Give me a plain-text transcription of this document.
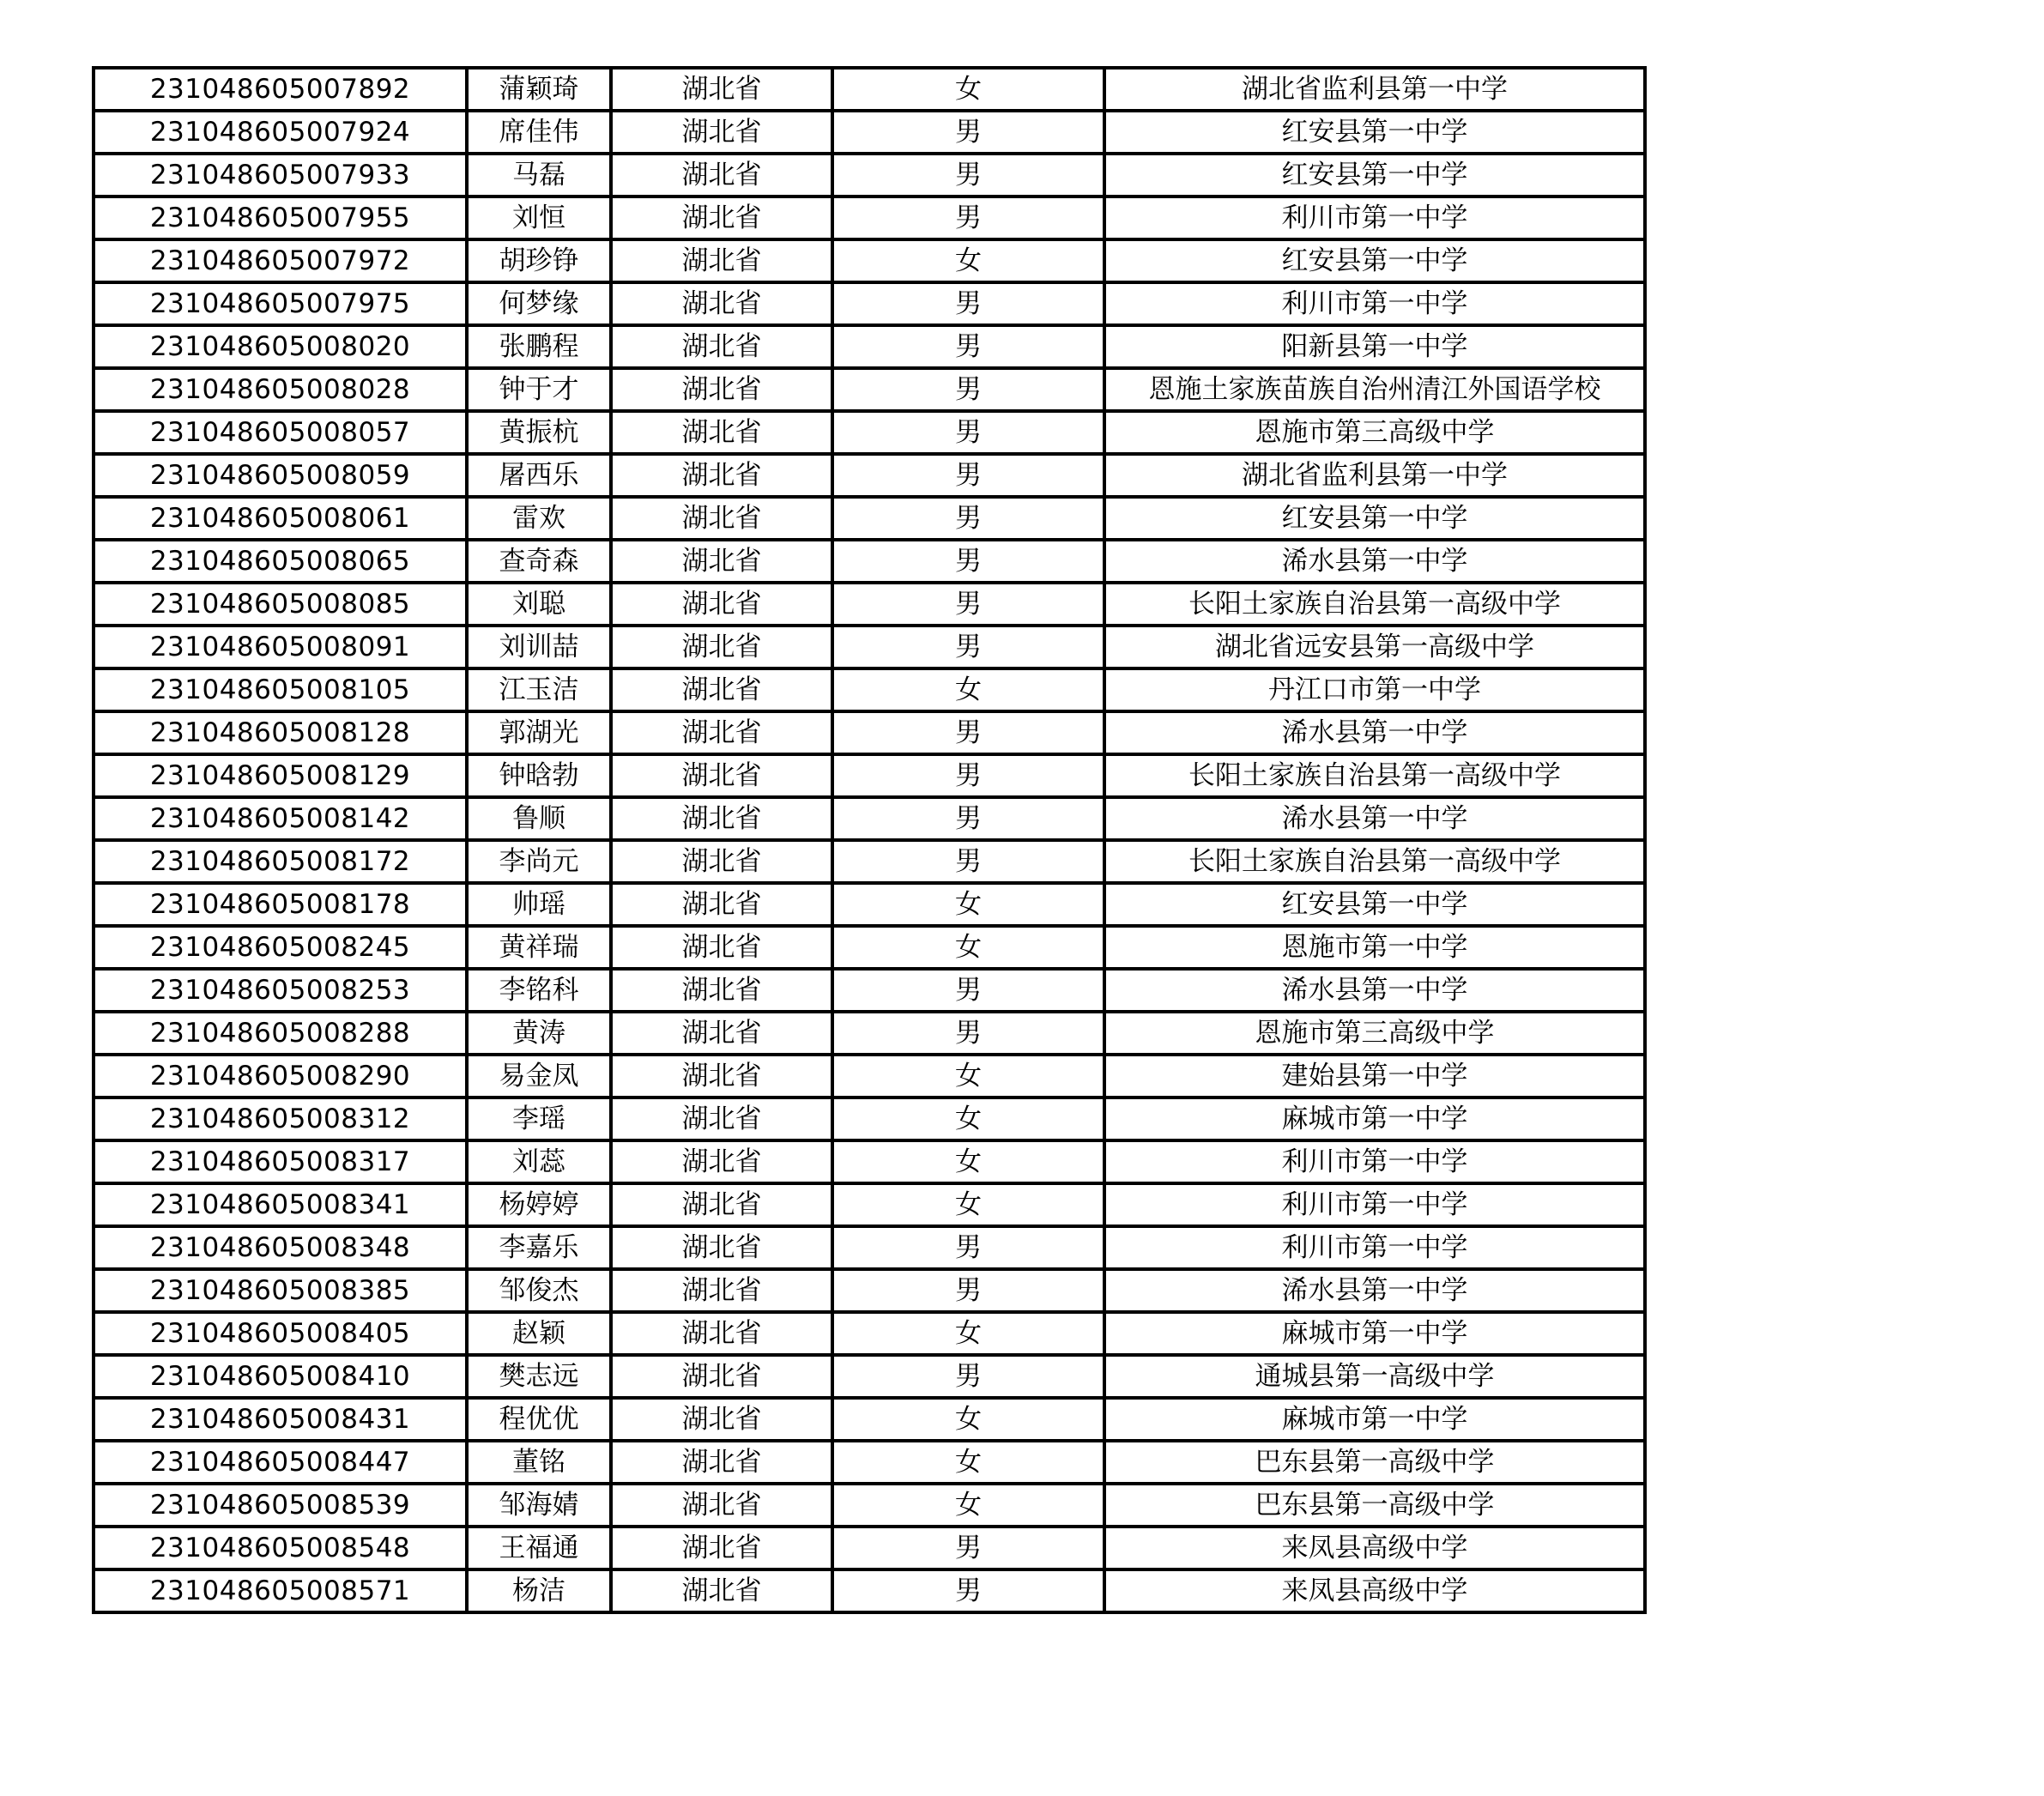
231048605007892	蒲颖琦	湖北省	女	湖北省监利县第一中学
231048605007924	席佳伟	湖北省	男	红安县第一中学
231048605007933	马磊	湖北省	男	红安县第一中学
231048605007955	刘恒	湖北省	男	利川市第一中学
231048605007972	胡珍铮	湖北省	女	红安县第一中学
231048605007975	何梦缘	湖北省	男	利川市第一中学
231048605008020	张鹏程	湖北省	男	阳新县第一中学
231048605008028	钟于才	湖北省	男	恩施土家族苗族自治州清江外国语学校
231048605008057	黄振杭	湖北省	男	恩施市第三高级中学
231048605008059	屠西乐	湖北省	男	湖北省监利县第一中学
231048605008061	雷欢	湖北省	男	红安县第一中学
231048605008065	查奇森	湖北省	男	浠水县第一中学
231048605008085	刘聪	湖北省	男	长阳土家族自治县第一高级中学
231048605008091	刘训喆	湖北省	男	湖北省远安县第一高级中学
231048605008105	江玉洁	湖北省	女	丹江口市第一中学
231048605008128	郭湖光	湖北省	男	浠水县第一中学
231048605008129	钟晗勃	湖北省	男	长阳土家族自治县第一高级中学
231048605008142	鲁顺	湖北省	男	浠水县第一中学
231048605008172	李尚元	湖北省	男	长阳土家族自治县第一高级中学
231048605008178	帅瑶	湖北省	女	红安县第一中学
231048605008245	黄祥瑞	湖北省	女	恩施市第一中学
231048605008253	李铭科	湖北省	男	浠水县第一中学
231048605008288	黄涛	湖北省	男	恩施市第三高级中学
231048605008290	易金凤	湖北省	女	建始县第一中学
231048605008312	李瑶	湖北省	女	麻城市第一中学
231048605008317	刘蕊	湖北省	女	利川市第一中学
231048605008341	杨婷婷	湖北省	女	利川市第一中学
231048605008348	李嘉乐	湖北省	男	利川市第一中学
231048605008385	邹俊杰	湖北省	男	浠水县第一中学
231048605008405	赵颖	湖北省	女	麻城市第一中学
231048605008410	樊志远	湖北省	男	通城县第一高级中学
231048605008431	程优优	湖北省	女	麻城市第一中学
231048605008447	董铭	湖北省	女	巴东县第一高级中学
231048605008539	邹海婧	湖北省	女	巴东县第一高级中学
231048605008548	王福通	湖北省	男	来凤县高级中学
231048605008571	杨洁	湖北省	男	来凤县高级中学
